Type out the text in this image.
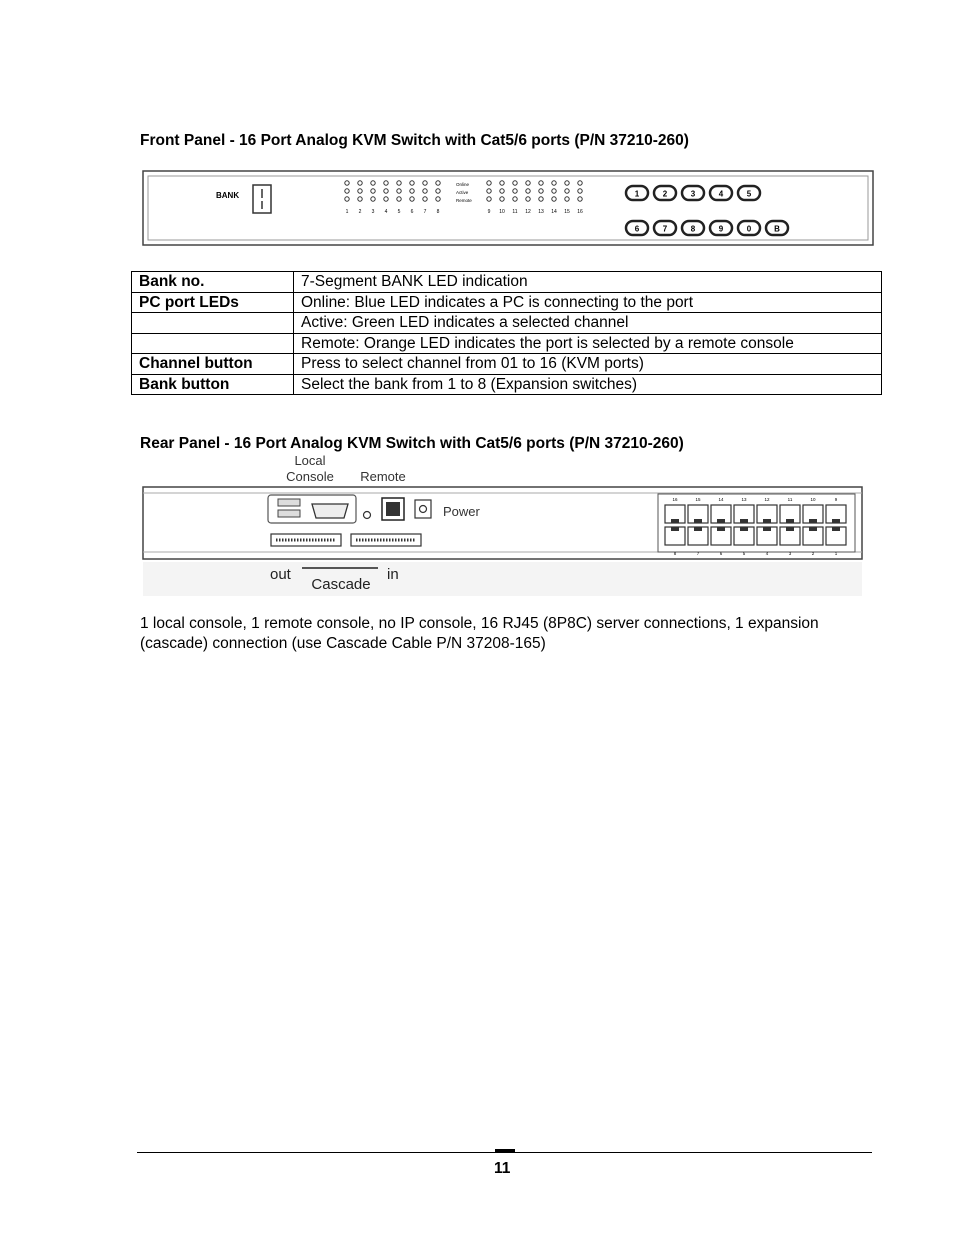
Front Panel - 16 Port Analog KVM Switch with Cat5/6 ports (P/N 37210-260)
BANK
Online
Active
Remote
1 2 3 4 5 6 7 8	9 10 11 12 13 14 15 16
1	2	3	4	5
6	7	8	9	0	B
Bank no.	7-Segment BANK LED indication
PC port LEDs	Online: Blue LED indicates a PC is connecting to the port
	Active: Green LED indicates a selected channel
	Remote: Orange LED indicates the port is selected by a remote console
Channel button	Press to select channel from 01 to 16 (KVM ports)
Bank button	Select the bank from 1 to 8 (Expansion switches)
Rear Panel - 16 Port Analog KVM Switch with Cat5/6 ports (P/N 37210-260)
Local
Console Remote
Power
16	15	14	13	12	11	10	9
8	7	6	5	4	3	2	1
out
Cascade
in
1 local console, 1 remote console, no IP console, 16 RJ45 (8P8C) server connections, 1 expansion (cascade) connection (use Cascade Cable P/N 37208-165)
11
